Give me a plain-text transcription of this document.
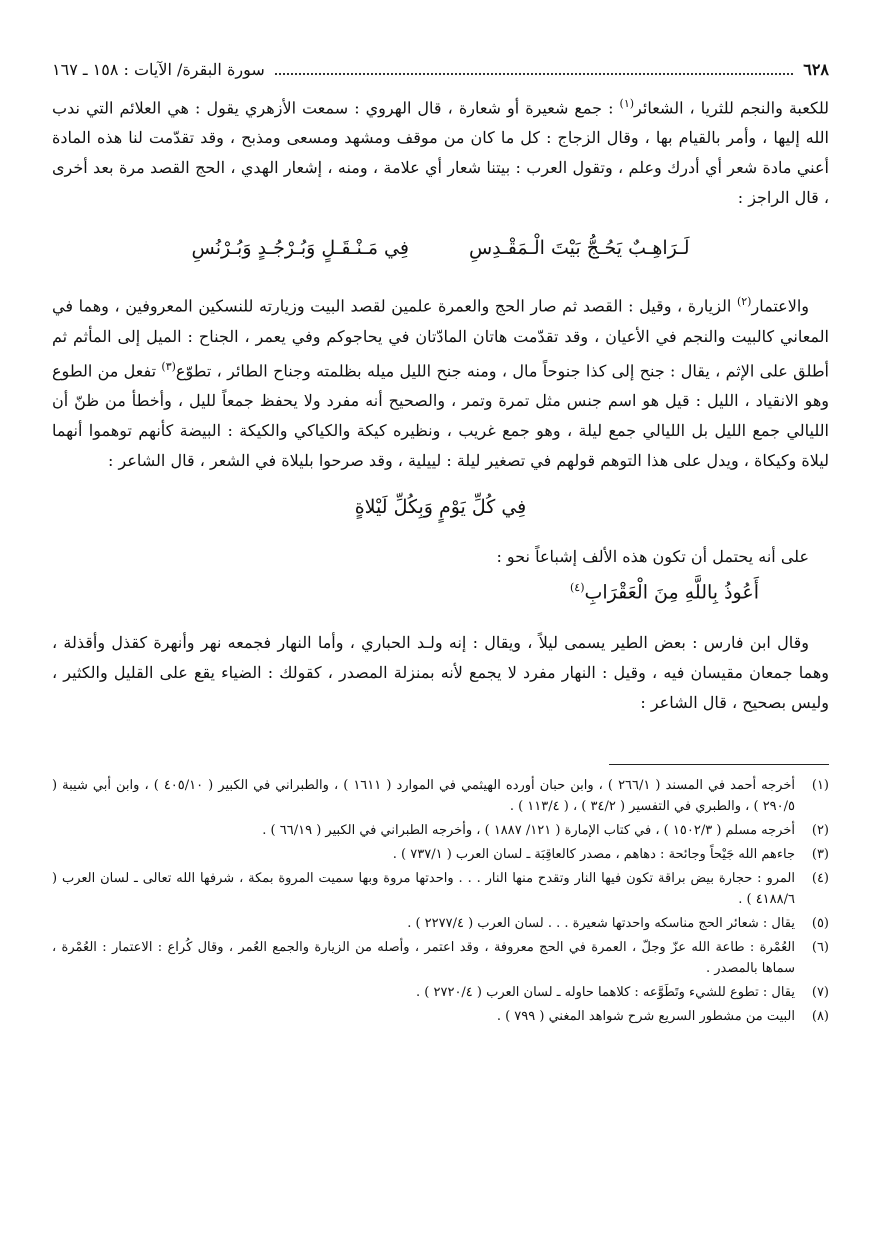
٦٢٨
سورة البقرة/ الآيات : ١٥٨ ـ ١٦٧

للكعبة والنجم للثريا ، الشعائر$^{(١)}$ : جمع شعيرة أو شعارة ، قال الهروي : سمعت الأزهري يقول : هي العلائم التي ندب الله إليها ، وأمر بالقيام بها ، وقال الزجاج : كل ما كان من موقف ومشهد ومسعى ومذبح ، وقد تقدّمت لنا هذه المادة أعني مادة شعر أي أدرك وعلم ، وتقول العرب : بيتنا شعار أي علامة ، ومنه ، إشعار الهدي ، الحج القصد مرة بعد أخرى ، قال الراجز :

لَـرَاهِـبٌ يَحُـجُّ بَيْتَ الْـمَقْـدِسِ
فِي مَـنْـقَـلٍ وَبُـرْجُـدٍ وَبُـرْنُسِ

والاعتمار$^{(٢)}$ الزيارة ، وقيل : القصد ثم صار الحج والعمرة علمين لقصد البيت وزيارته للنسكين المعروفين ، وهما في المعاني كالبيت والنجم في الأعيان ، وقد تقدّمت هاتان المادّتان في يحاجوكم وفي يعمر ، الجناح : الميل إلى المأثم ثم أطلق على الإثم ، يقال : جنح إلى كذا جنوحاً مال ، ومنه جنح الليل ميله بظلمته وجناح الطائر ، تطوّع$^{(٣)}$ تفعل من الطوع وهو الانقياد ، الليل : قيل هو اسم جنس مثل تمرة وتمر ، والصحيح أنه مفرد ولا يحفظ جمعاً لليل ، وأخطأ من ظنّ أن الليالي جمع الليل بل الليالي جمع ليلة ، وهو جمع غريب ، ونظيره كيكة والكياكي والكيكة : البيضة كأنهم توهموا أنهما ليلاة وكيكاة ، ويدل على هذا التوهم قولهم في تصغير ليلة : لييلية ، وقد صرحوا بليلاة في الشعر ، قال الشاعر :

فِي كُلِّ يَوْمٍ وَبِكُلِّ لَيْلاةٍ

على أنه يحتمل أن تكون هذه الألف إشباعاً نحو :

أَعُوذُ بِاللَّهِ مِنَ الْعَقْرَابِ$^{(٤)}$

وقال ابن فارس : بعض الطير يسمى ليلاً ، ويقال : إنه ولـد الحباري ، وأما النهار فجمعه نهر وأنهرة كقذل وأقذلة ، وهما جمعان مقيسان فيه ، وقيل : النهار مفرد لا يجمع لأنه بمنزلة المصدر ، كقولك : الضياء يقع على القليل والكثير ، وليس بصحيح ، قال الشاعر :

(١)
أخرجه أحمد في المسند ( ٢٦٦/١ ) ، وابن حبان أورده الهيثمي في الموارد ( ١٦١١ ) ، والطبراني في الكبير ( ٤٠٥/١٠ ) ، وابن أبي شيبة ( ٢٩٠/٥ ) ، والطبري في التفسير ( ٣٤/٢ ) ، ( ١١٣/٤ ) .
(٢)
أخرجه مسلم ( ١٥٠٢/٣ ) ، في كتاب الإمارة ( ١٢١/ ١٨٨٧ ) ، وأخرجه الطبراني في الكبير ( ٦٦/١٩ ) .
(٣)
جاءهم الله جَيْحاً وجائحة : دهاهم ، مصدر كالعاقِبَة ـ لسان العرب ( ٧٣٧/١ ) .
(٤)
المرو : حجارة بيض براقة تكون فيها النار وتقدح منها النار . . . واحدتها مروة وبها سميت المروة بمكة ، شرفها الله تعالى ـ لسان العرب ( ٤١٨٨/٦ ) .
(٥)
يقال : شعائر الحج مناسكه واحدتها شعيرة . . . لسان العرب ( ٢٢٧٧/٤ ) .
(٦)
العُمْرة : طاعة الله عزّ وجلّ ، العمرة في الحج معروفة ، وقد اعتمر ، وأصله من الزيارة والجمع العُمر ، وقال كُراع : الاعتمار : العُمْرة ، سماها بالمصدر .
(٧)
يقال : تطوع للشيء وتَطَوَّعه : كلاهما حاوله ـ لسان العرب ( ٢٧٢٠/٤ ) .
(٨)
البيت من مشطور السريع شرح شواهد المغني ( ٧٩٩ ) .
